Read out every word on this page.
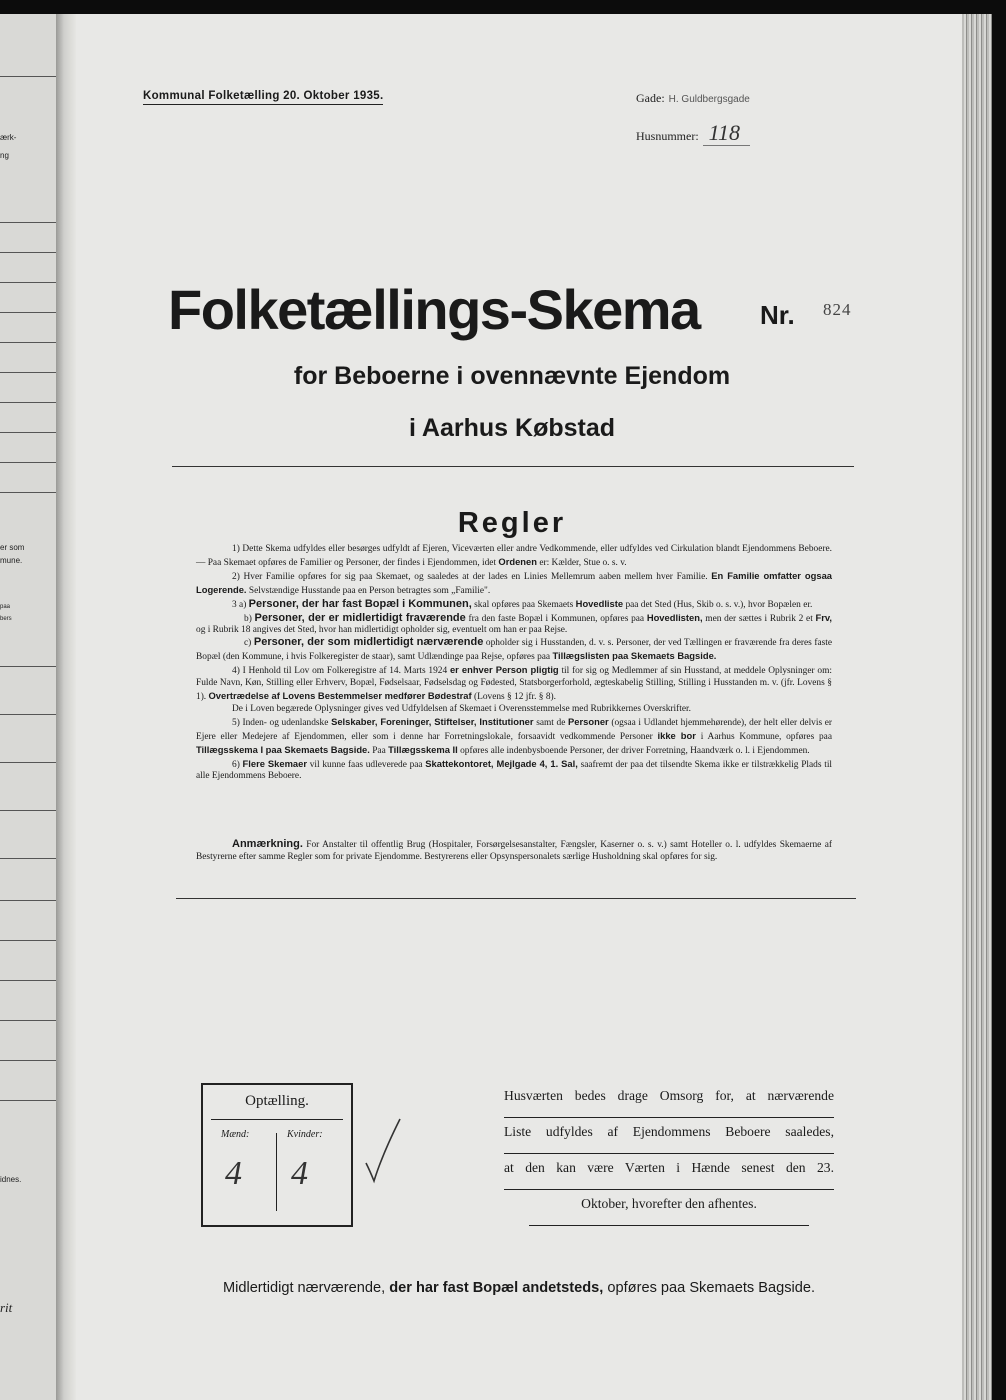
ærk-
ng
er som
mune.
paa
bers
idnes.
rit
Kommunal Folketælling 20. Oktober 1935.	Gade: H. Guldbergsgade
Husnummer: 118
Folketællings-Skema	Nr. 824
for Beboerne i ovennævnte Ejendom
i Aarhus Købstad
Regler

1) Dette Skema udfyldes eller besørges udfyldt af Ejeren, Viceværten eller andre Vedkommende, eller udfyldes ved Cirkulation blandt Ejendommens Beboere. — Paa Skemaet opføres de Familier og Personer, der findes i Ejendommen, idet Ordenen er: Kælder, Stue o. s. v.

2) Hver Familie opføres for sig paa Skemaet, og saaledes at der lades en Linies Mellemrum aaben mellem hver Familie. En Familie omfatter ogsaa Logerende. Selvstændige Husstande paa en Person betragtes som „Familie".

3 a) Personer, der har fast Bopæl i Kommunen, skal opføres paa Skemaets Hovedliste paa det Sted (Hus, Skib o. s. v.), hvor Bopælen er.

b) Personer, der er midlertidigt fraværende fra den faste Bopæl i Kommunen, opføres paa Hovedlisten, men der sættes i Rubrik 2 et Frv, og i Rubrik 18 angives det Sted, hvor han midlertidigt opholder sig, eventuelt om han er paa Rejse.

c) Personer, der som midlertidigt nærværende opholder sig i Husstanden, d. v. s. Personer, der ved Tællingen er fraværende fra deres faste Bopæl (den Kommune, i hvis Folkeregister de staar), samt Udlændinge paa Rejse, opføres paa Tillægslisten paa Skemaets Bagside.

4) I Henhold til Lov om Folkeregistre af 14. Marts 1924 er enhver Person pligtig til for sig og Medlemmer af sin Husstand, at meddele Oplysninger om: Fulde Navn, Køn, Stilling eller Erhverv, Bopæl, Fødselsaar, Fødselsdag og Fødested, Statsborgerforhold, ægteskabelig Stilling, Stilling i Husstanden m. v. (jfr. Lovens § 1). Overtrædelse af Lovens Bestemmelser medfører Bødestraf (Lovens § 12 jfr. § 8).

De i Loven begærede Oplysninger gives ved Udfyldelsen af Skemaet i Overensstemmelse med Rubrikkernes Overskrifter.

5) Inden- og udenlandske Selskaber, Foreninger, Stiftelser, Institutioner samt de Personer (ogsaa i Udlandet hjemmehørende), der helt eller delvis er Ejere eller Medejere af Ejendommen, eller som i denne har Forretningslokale, forsaavidt vedkommende Personer ikke bor i Aarhus Kommune, opføres paa Tillægsskema I paa Skemaets Bagside. Paa Tillægsskema II opføres alle indenbysboende Personer, der driver Forretning, Haandværk o. l. i Ejendommen.

6) Flere Skemaer vil kunne faas udleverede paa Skattekontoret, Mejlgade 4, 1. Sal, saafremt der paa det tilsendte Skema ikke er tilstrækkelig Plads til alle Ejendommens Beboere.

Anmærkning. For Anstalter til offentlig Brug (Hospitaler, Forsørgelsesanstalter, Fængsler, Kaserner o. s. v.) samt Hoteller o. l. udfyldes Skemaerne af Bestyrerne efter samme Regler som for private Ejendomme. Bestyrerens eller Opsynspersonalets særlige Husholdning skal opføres for sig.

Optælling.
Mænd:	Kvinder:
4 4
Husværten bedes drage Omsorg for, at nærværende
Liste udfyldes af Ejendommens Beboere saaledes,
at den kan være Værten i Hænde senest den 23.
Oktober, hvorefter den afhentes.
Midlertidigt nærværende, der har fast Bopæl andetsteds, opføres paa Skemaets Bagside.
